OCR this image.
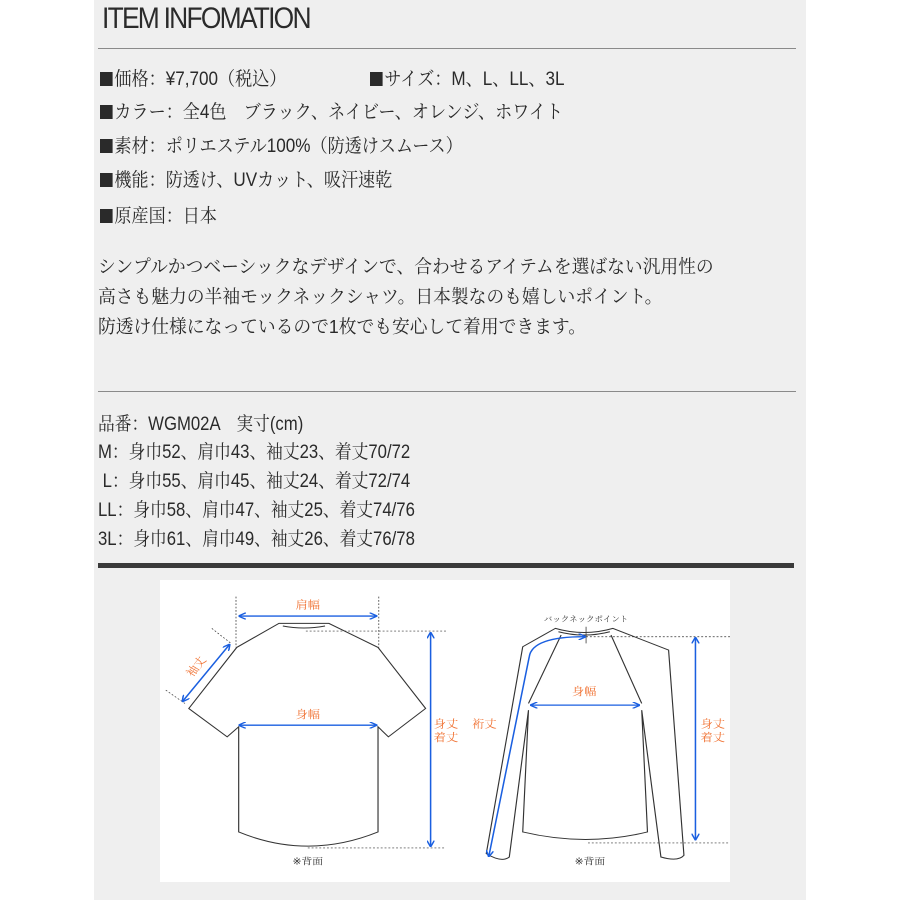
ITEM INFOMATION
価格：¥7,700（税込）	サイズ：M、L、LL、3L
カラー：全4色　ブラック、ネイビー、オレンジ、ホワイト
素材：ポリエステル100%（防透けスムース）
機能：防透け、UVカット、吸汗速乾
原産国：日本
シンプルかつベーシックなデザインで、合わせるアイテムを選ばない汎用性の
高さも魅力の半袖モックネックシャツ。日本製なのも嬉しいポイント。
防透け仕様になっているので1枚でも安心して着用できます。
品番：WGM02A　実寸(cm)
M：身巾52、肩巾43、袖丈23、着丈70/72
L：身巾55、肩巾45、袖丈24、着丈72/74
LL：身巾58、肩巾47、袖丈25、着丈74/76
3L：身巾61、肩巾49、袖丈26、着丈76/78
肩幅
身幅
袖丈
身丈
着丈
※背面
バックネックポイント
身幅
裄丈	身丈
着丈
※背面
